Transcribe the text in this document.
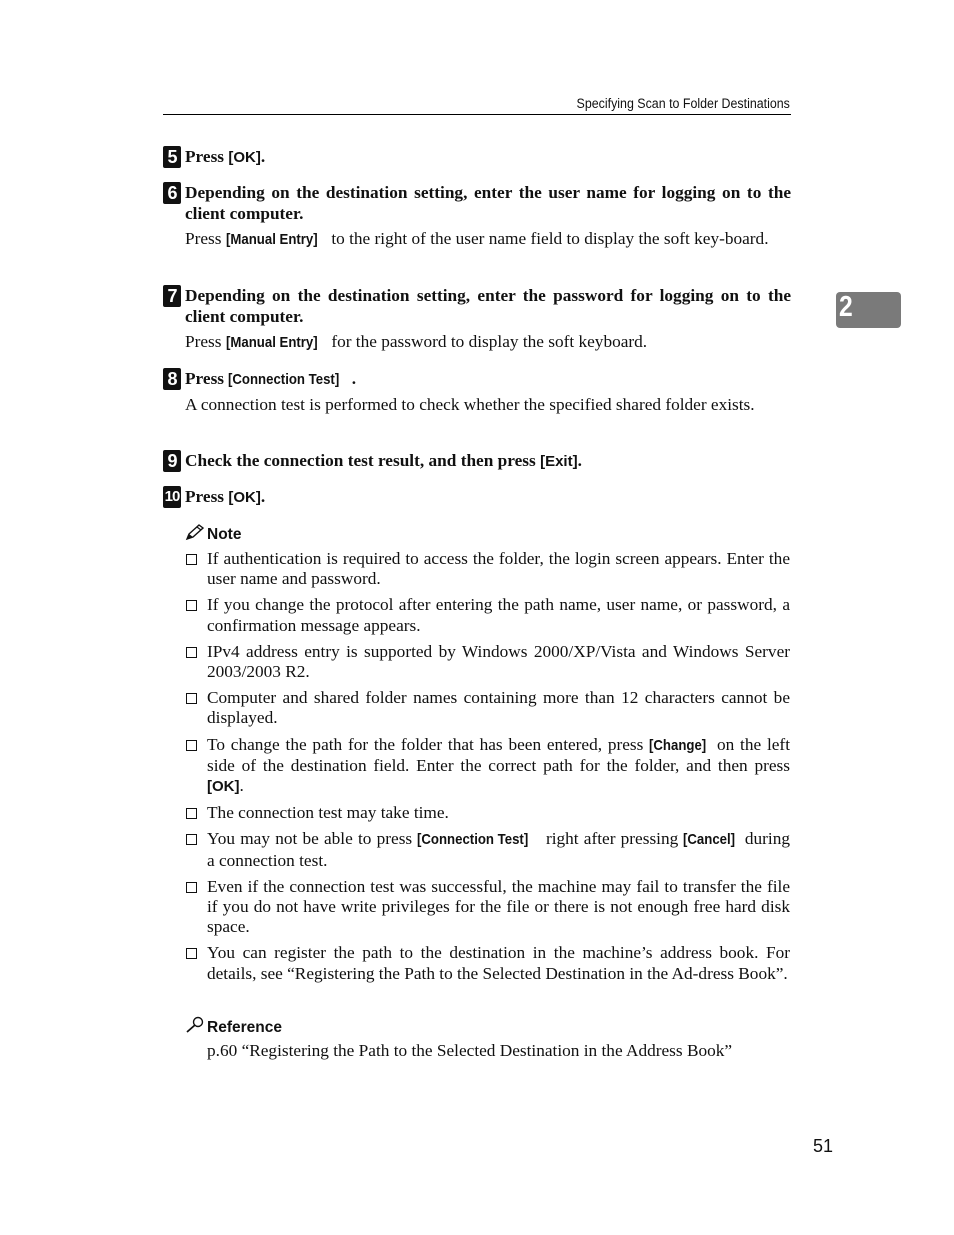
Specifying Scan to Folder Destinations
2
5 Press [OK].
6 Depending on the destination setting, enter the user name for logging on to the client computer.
Press [Manual Entry] to the right of the user name field to display the soft key-board.
7 Depending on the destination setting, enter the password for logging on to the client computer.
Press [Manual Entry] for the password to display the soft keyboard.
8 Press [Connection Test] .
A connection test is performed to check whether the specified shared folder exists.
9 Check the connection test result, and then press [Exit].
10 Press [OK].
Note
If authentication is required to access the folder, the login screen appears. Enter the user name and password.
If you change the protocol after entering the path name, user name, or password, a confirmation message appears.
IPv4 address entry is supported by Windows 2000/XP/Vista and Windows Server 2003/2003 R2.
Computer and shared folder names containing more than 12 characters cannot be displayed.
To change the path for the folder that has been entered, press [Change] on the left side of the destination field. Enter the correct path for the folder, and then press [OK].
The connection test may take time.
You may not be able to press [Connection Test] right after pressing [Cancel] during a connection test.
Even if the connection test was successful, the machine may fail to transfer the file if you do not have write privileges for the file or there is not enough free hard disk space.
You can register the path to the destination in the machine’s address book. For details, see “Registering the Path to the Selected Destination in the Ad-dress Book”.
Reference
p.60 “Registering the Path to the Selected Destination in the Address Book”
51
